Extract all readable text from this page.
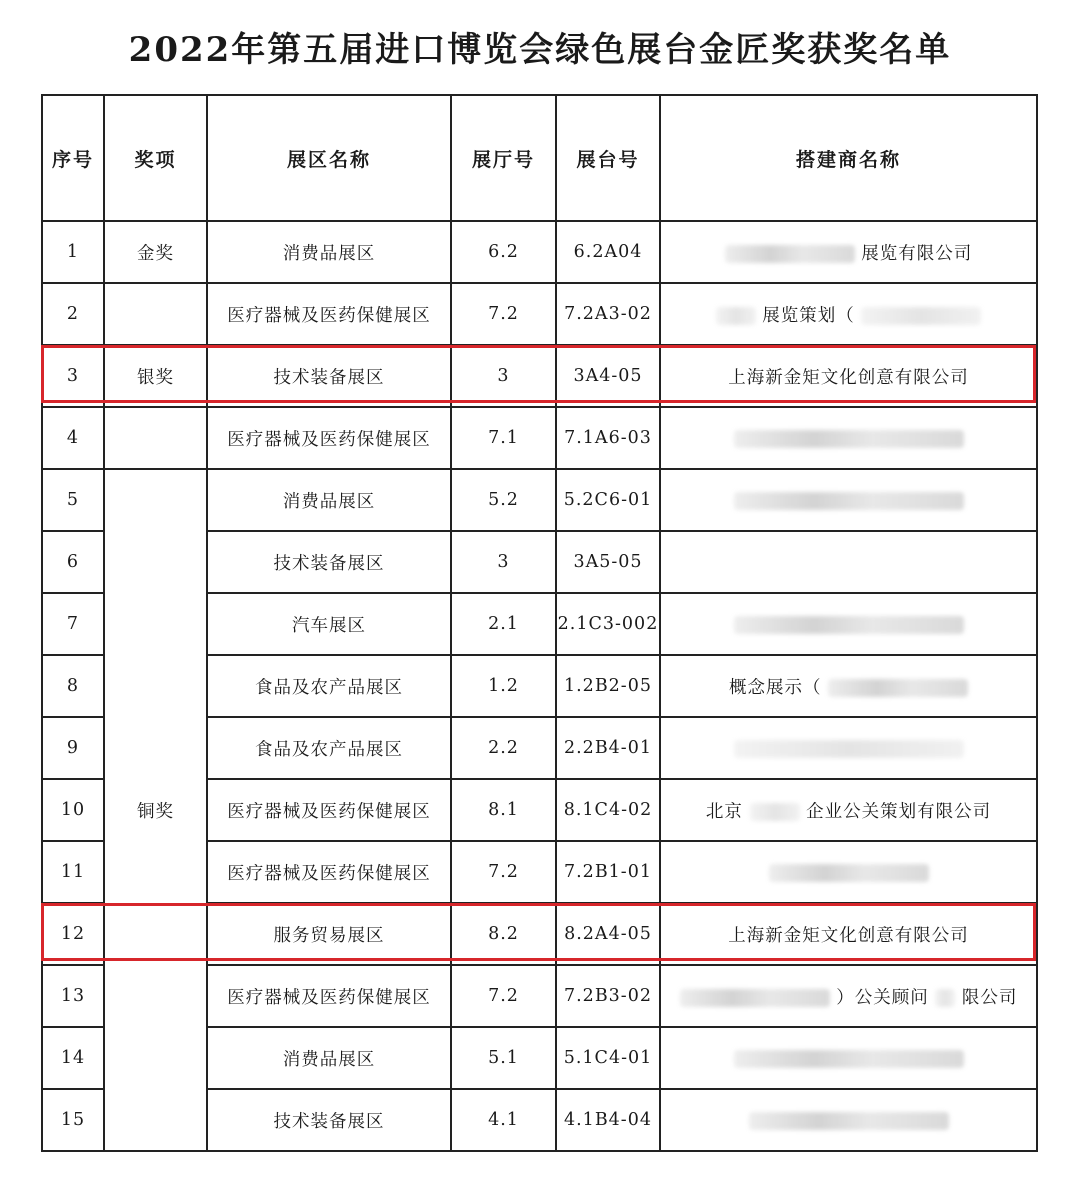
2022年第五届进口博览会绿色展台金匠奖获奖名单
序号	奖项	展区名称	展厅号	展台号	搭建商名称
1	金奖	消费品展区	6.2	6.2A04	展览有限公司
2		医疗器械及医药保健展区	7.2	7.2A3-02	展览策划（
3	银奖	技术装备展区	3	3A4-05	上海新金矩文化创意有限公司
4		医疗器械及医药保健展区	7.1	7.1A6-03	
5	铜奖	消费品展区	5.2	5.2C6-01	
6		技术装备展区	3	3A5-05	
7		汽车展区	2.1	2.1C3-002	
8		食品及农产品展区	1.2	1.2B2-05	概念展示（
9		食品及农产品展区	2.2	2.2B4-01	
10		医疗器械及医药保健展区	8.1	8.1C4-02	北京 企业公关策划有限公司
11		医疗器械及医药保健展区	7.2	7.2B1-01	
12		服务贸易展区	8.2	8.2A4-05	上海新金矩文化创意有限公司
13		医疗器械及医药保健展区	7.2	7.2B3-02	）公关顾问 限公司
14		消费品展区	5.1	5.1C4-01	
15		技术装备展区	4.1	4.1B4-04	
